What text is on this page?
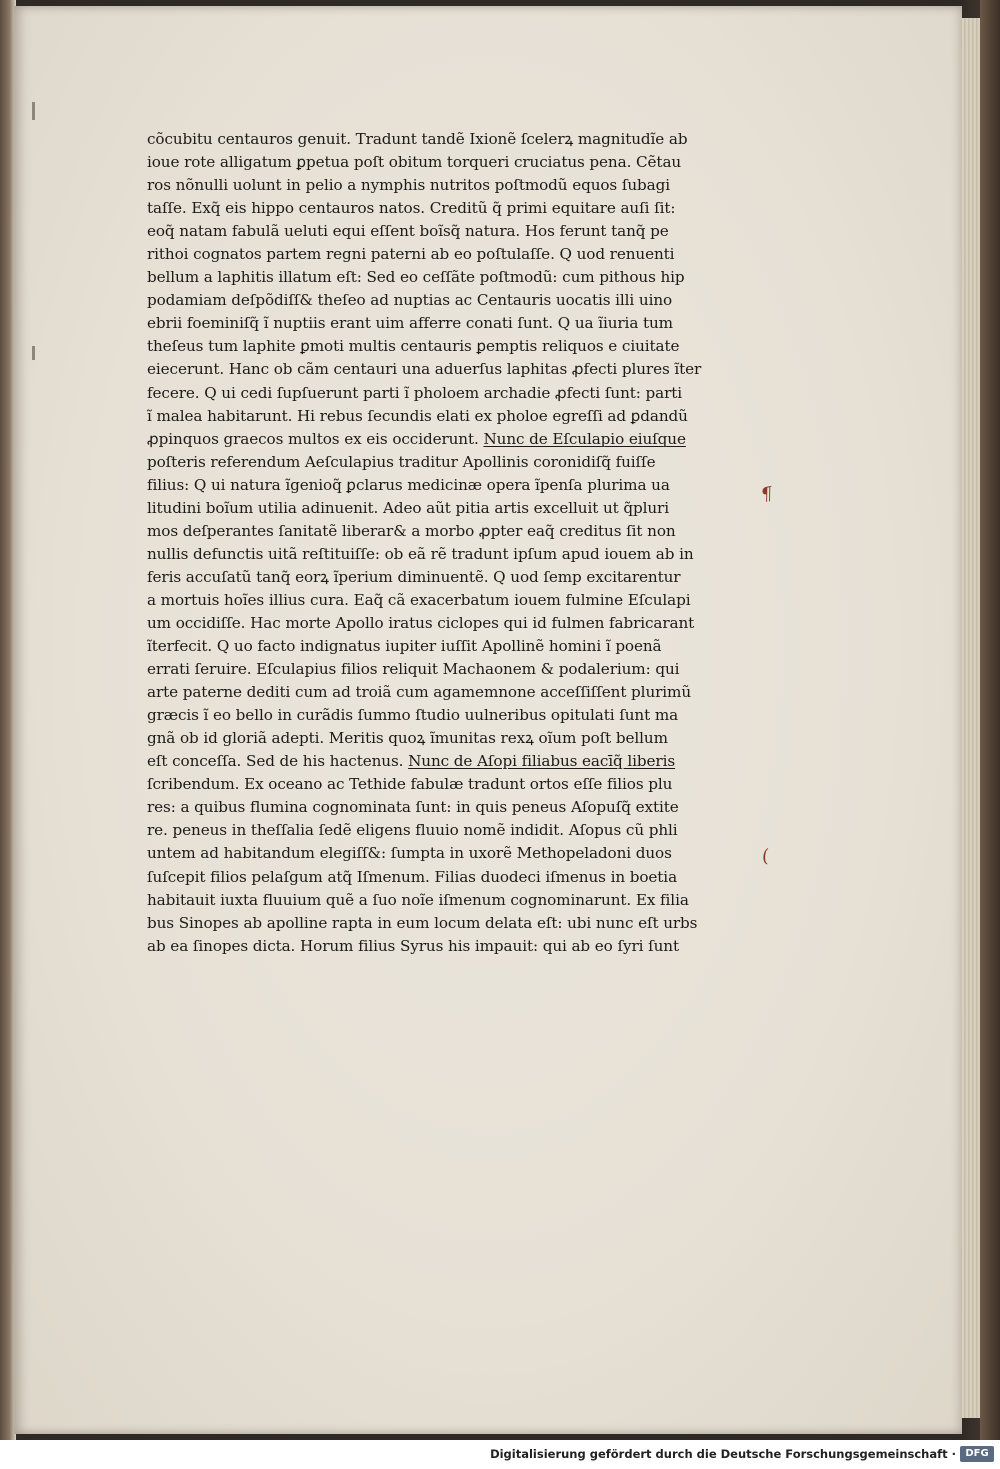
cõcubitu centauros genuit. Tradunt tandẽ Ixionẽ ſcelerꝝ magnitudĩe ab
ioue rote alligatum ꝑpetua poſt obitum torqueri cruciatus pena. Cẽtau
ros nõnulli uolunt in pelio a nymphis nutritos poſtmodũ equos ſubagi
taſſe. Exq̃ eis hippo centauros natos. Creditũ q̃ primi equitare auſi ſit:
eoq̃ natam fabulã ueluti equi eſſent boĩsq̃ natura. Hos ferunt tanq̃ pe
rithoi cognatos partem regni paterni ab eo poſtulaſſe. Q uod renuenti
bellum a laphitis illatum eſt: Sed eo ceſſãte poſtmodũ: cum pithous hip
podamiam deſpõdiſſ& theſeo ad nuptias ac Centauris uocatis illi uino
ebrii foeminiſq̃ ĩ nuptiis erant uim afferre conati ſunt. Q ua ĩiuria tum
theſeus tum laphite ꝑmoti multis centauris ꝑemptis reliquos e ciuitate
eiecerunt. Hanc ob cãm centauri una aduerſus laphitas ꝓfecti plures ĩter
fecere. Q ui cedi ſupſuerunt parti ĩ pholoem archadie ꝓfecti ſunt: parti
ĩ malea habitarunt. Hi rebus ſecundis elati ex pholoe egreſſi ad ꝑdandũ
ꝓpinquos graecos multos ex eis occiderunt. Nunc de Eſculapio eiuſque
poſteris referendum Aeſculapius traditur Apollinis coronidiſq̃ fuiſſe
filius: Q ui natura ĩgenioq̃ ꝑclarus medicinæ opera ĩpenſa plurima ua
litudini boĩum utilia adinuenit. Adeo aũt pitia artis excelluit ut q̃pluri
mos deſperantes ſanitatẽ liberar& a morbo ꝓpter eaq̃ creditus ſit non
nullis defunctis uitã reſtituiſſe: ob eã rẽ tradunt ipſum apud iouem ab in
feris accuſatũ tanq̃ eorꝝ ĩperium diminuentẽ. Q uod ſemp excitarentur
a mortuis hoĩes illius cura. Eaq̃ cã exacerbatum iouem fulmine Eſculapi
um occidiſſe. Hac morte Apollo iratus ciclopes qui id fulmen fabricarant
ĩterfecit. Q uo facto indignatus iupiter iuſſit Apollinẽ homini ĩ poenã
errati ſeruire. Eſculapius filios reliquit Machaonem & podalerium: qui
arte paterne dediti cum ad troiã cum agamemnone acceſſiſſent plurimũ
græcis ĩ eo bello in curãdis ſummo ſtudio uulneribus opitulati ſunt ma
gnã ob id gloriã adepti. Meritis quoꝝ ĩmunitas rexꝝ oĩum poſt bellum
eſt conceſſa. Sed de his hactenus. Nunc de Aſopi filiabus eacīq̃ liberis
ſcribendum. Ex oceano ac Tethide fabulæ tradunt ortos eſſe filios plu
res: a quibus flumina cognominata ſunt: in quis peneus Aſopuſq̃ extite
re. peneus in theſſalia ſedẽ eligens fluuio nomẽ indidit. Aſopus cũ phli
untem ad habitandum elegiſſ&: ſumpta in uxorẽ Methopeladoni duos
ſuſcepit filios pelaſgum atq̃ Iſmenum. Filias duodeci iſmenus in boetia
habitauit iuxta fluuium quẽ a ſuo noĩe iſmenum cognominarunt. Ex filia
bus Sinopes ab apolline rapta in eum locum delata eſt: ubi nunc eſt urbs
ab ea ſinopes dicta. Horum filius Syrus his impauit: qui ab eo ſyri ſunt
¶
(
Digitalisierung gefördert durch die Deutsche Forschungsgemeinschaft · DFG
